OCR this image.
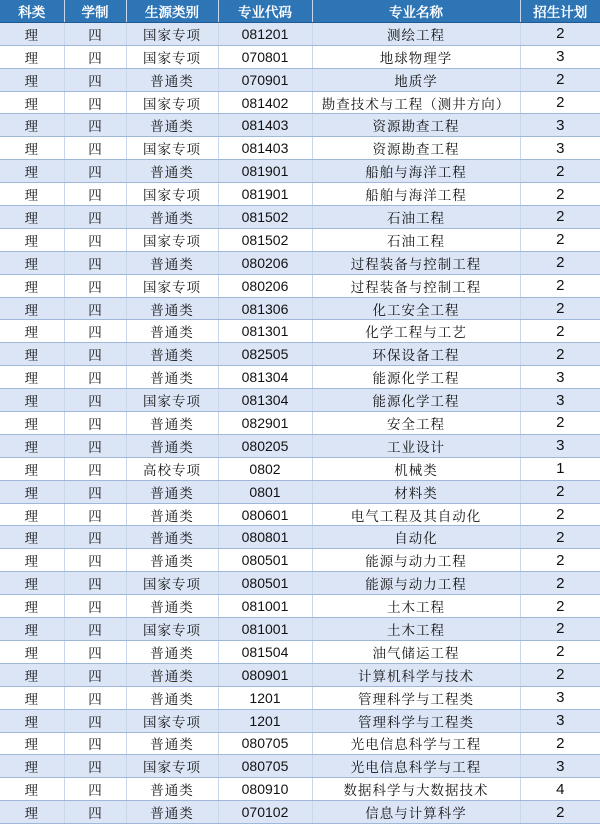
科类	学制	生源类别	专业代码	专业名称	招生计划
理	四	国家专项	081201	测绘工程	2
理	四	国家专项	070801	地球物理学	3
理	四	普通类	070901	地质学	2
理	四	国家专项	081402	勘查技术与工程（测井方向）	2
理	四	普通类	081403	资源勘查工程	3
理	四	国家专项	081403	资源勘查工程	3
理	四	普通类	081901	船舶与海洋工程	2
理	四	国家专项	081901	船舶与海洋工程	2
理	四	普通类	081502	石油工程	2
理	四	国家专项	081502	石油工程	2
理	四	普通类	080206	过程装备与控制工程	2
理	四	国家专项	080206	过程装备与控制工程	2
理	四	普通类	081306	化工安全工程	2
理	四	普通类	081301	化学工程与工艺	2
理	四	普通类	082505	环保设备工程	2
理	四	普通类	081304	能源化学工程	3
理	四	国家专项	081304	能源化学工程	3
理	四	普通类	082901	安全工程	2
理	四	普通类	080205	工业设计	3
理	四	高校专项	0802	机械类	1
理	四	普通类	0801	材料类	2
理	四	普通类	080601	电气工程及其自动化	2
理	四	普通类	080801	自动化	2
理	四	普通类	080501	能源与动力工程	2
理	四	国家专项	080501	能源与动力工程	2
理	四	普通类	081001	土木工程	2
理	四	国家专项	081001	土木工程	2
理	四	普通类	081504	油气储运工程	2
理	四	普通类	080901	计算机科学与技术	2
理	四	普通类	1201	管理科学与工程类	3
理	四	国家专项	1201	管理科学与工程类	3
理	四	普通类	080705	光电信息科学与工程	2
理	四	国家专项	080705	光电信息科学与工程	3
理	四	普通类	080910	数据科学与大数据技术	4
理	四	普通类	070102	信息与计算科学	2
